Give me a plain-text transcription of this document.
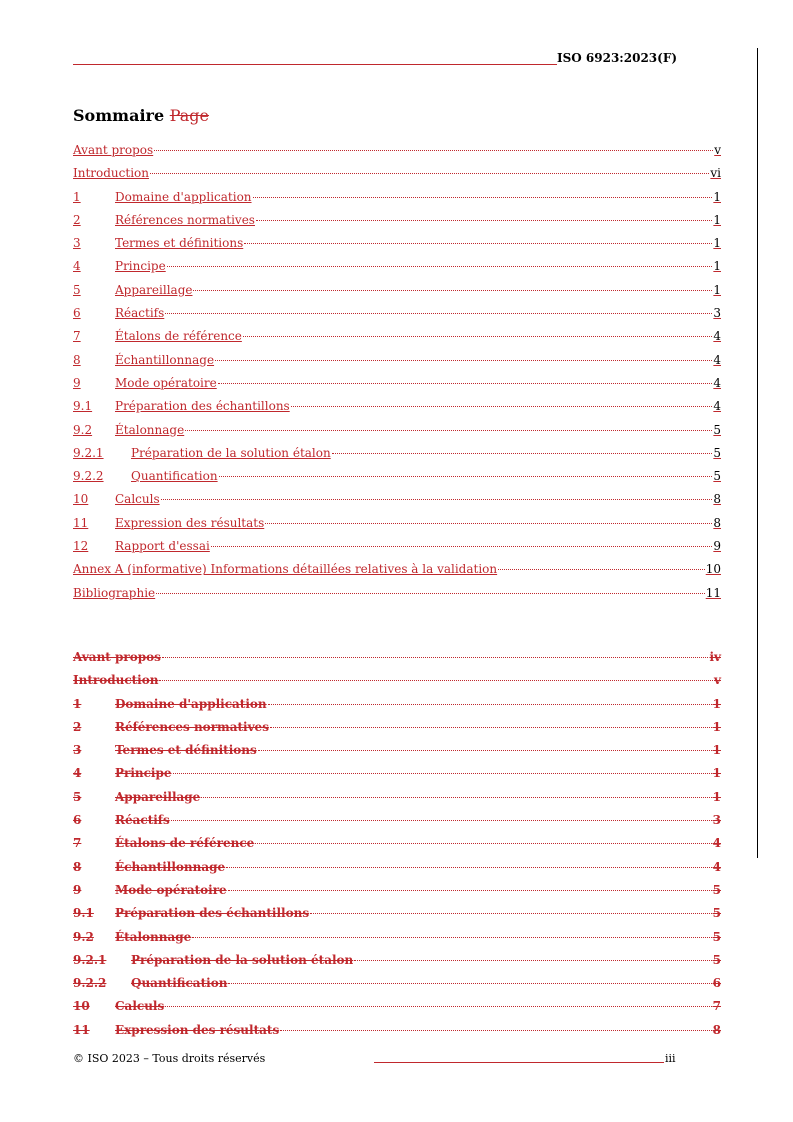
ISO 6923:2023(F)
Sommaire Page
Avant propos	v
Introduction	vi
1	Domaine d'application	1
2	Références normatives	1
3	Termes et définitions	1
4	Principe	1
5	Appareillage	1
6	Réactifs	3
7	Étalons de référence	4
8	Échantillonnage	4
9	Mode opératoire	4
9.1	Préparation des échantillons	4
9.2	Étalonnage	5
9.2.1	Préparation de la solution étalon	5
9.2.2	Quantification	5
10	Calculs	8
11	Expression des résultats	8
12	Rapport d'essai	9
Annex A (informative) Informations détaillées relatives à la validation	10
Bibliographie	11
Avant propos	iv
Introduction	v
1	Domaine d'application	1
2	Références normatives	1
3	Termes et définitions	1
4	Principe	1
5	Appareillage	1
6	Réactifs	3
7	Étalons de référence	4
8	Échantillonnage	4
9	Mode opératoire	5
9.1	Préparation des échantillons	5
9.2	Étalonnage	5
9.2.1	Préparation de la solution étalon	5
9.2.2	Quantification	6
10	Calculs	7
11	Expression des résultats	8
© ISO 2023 – Tous droits réservés	iii
